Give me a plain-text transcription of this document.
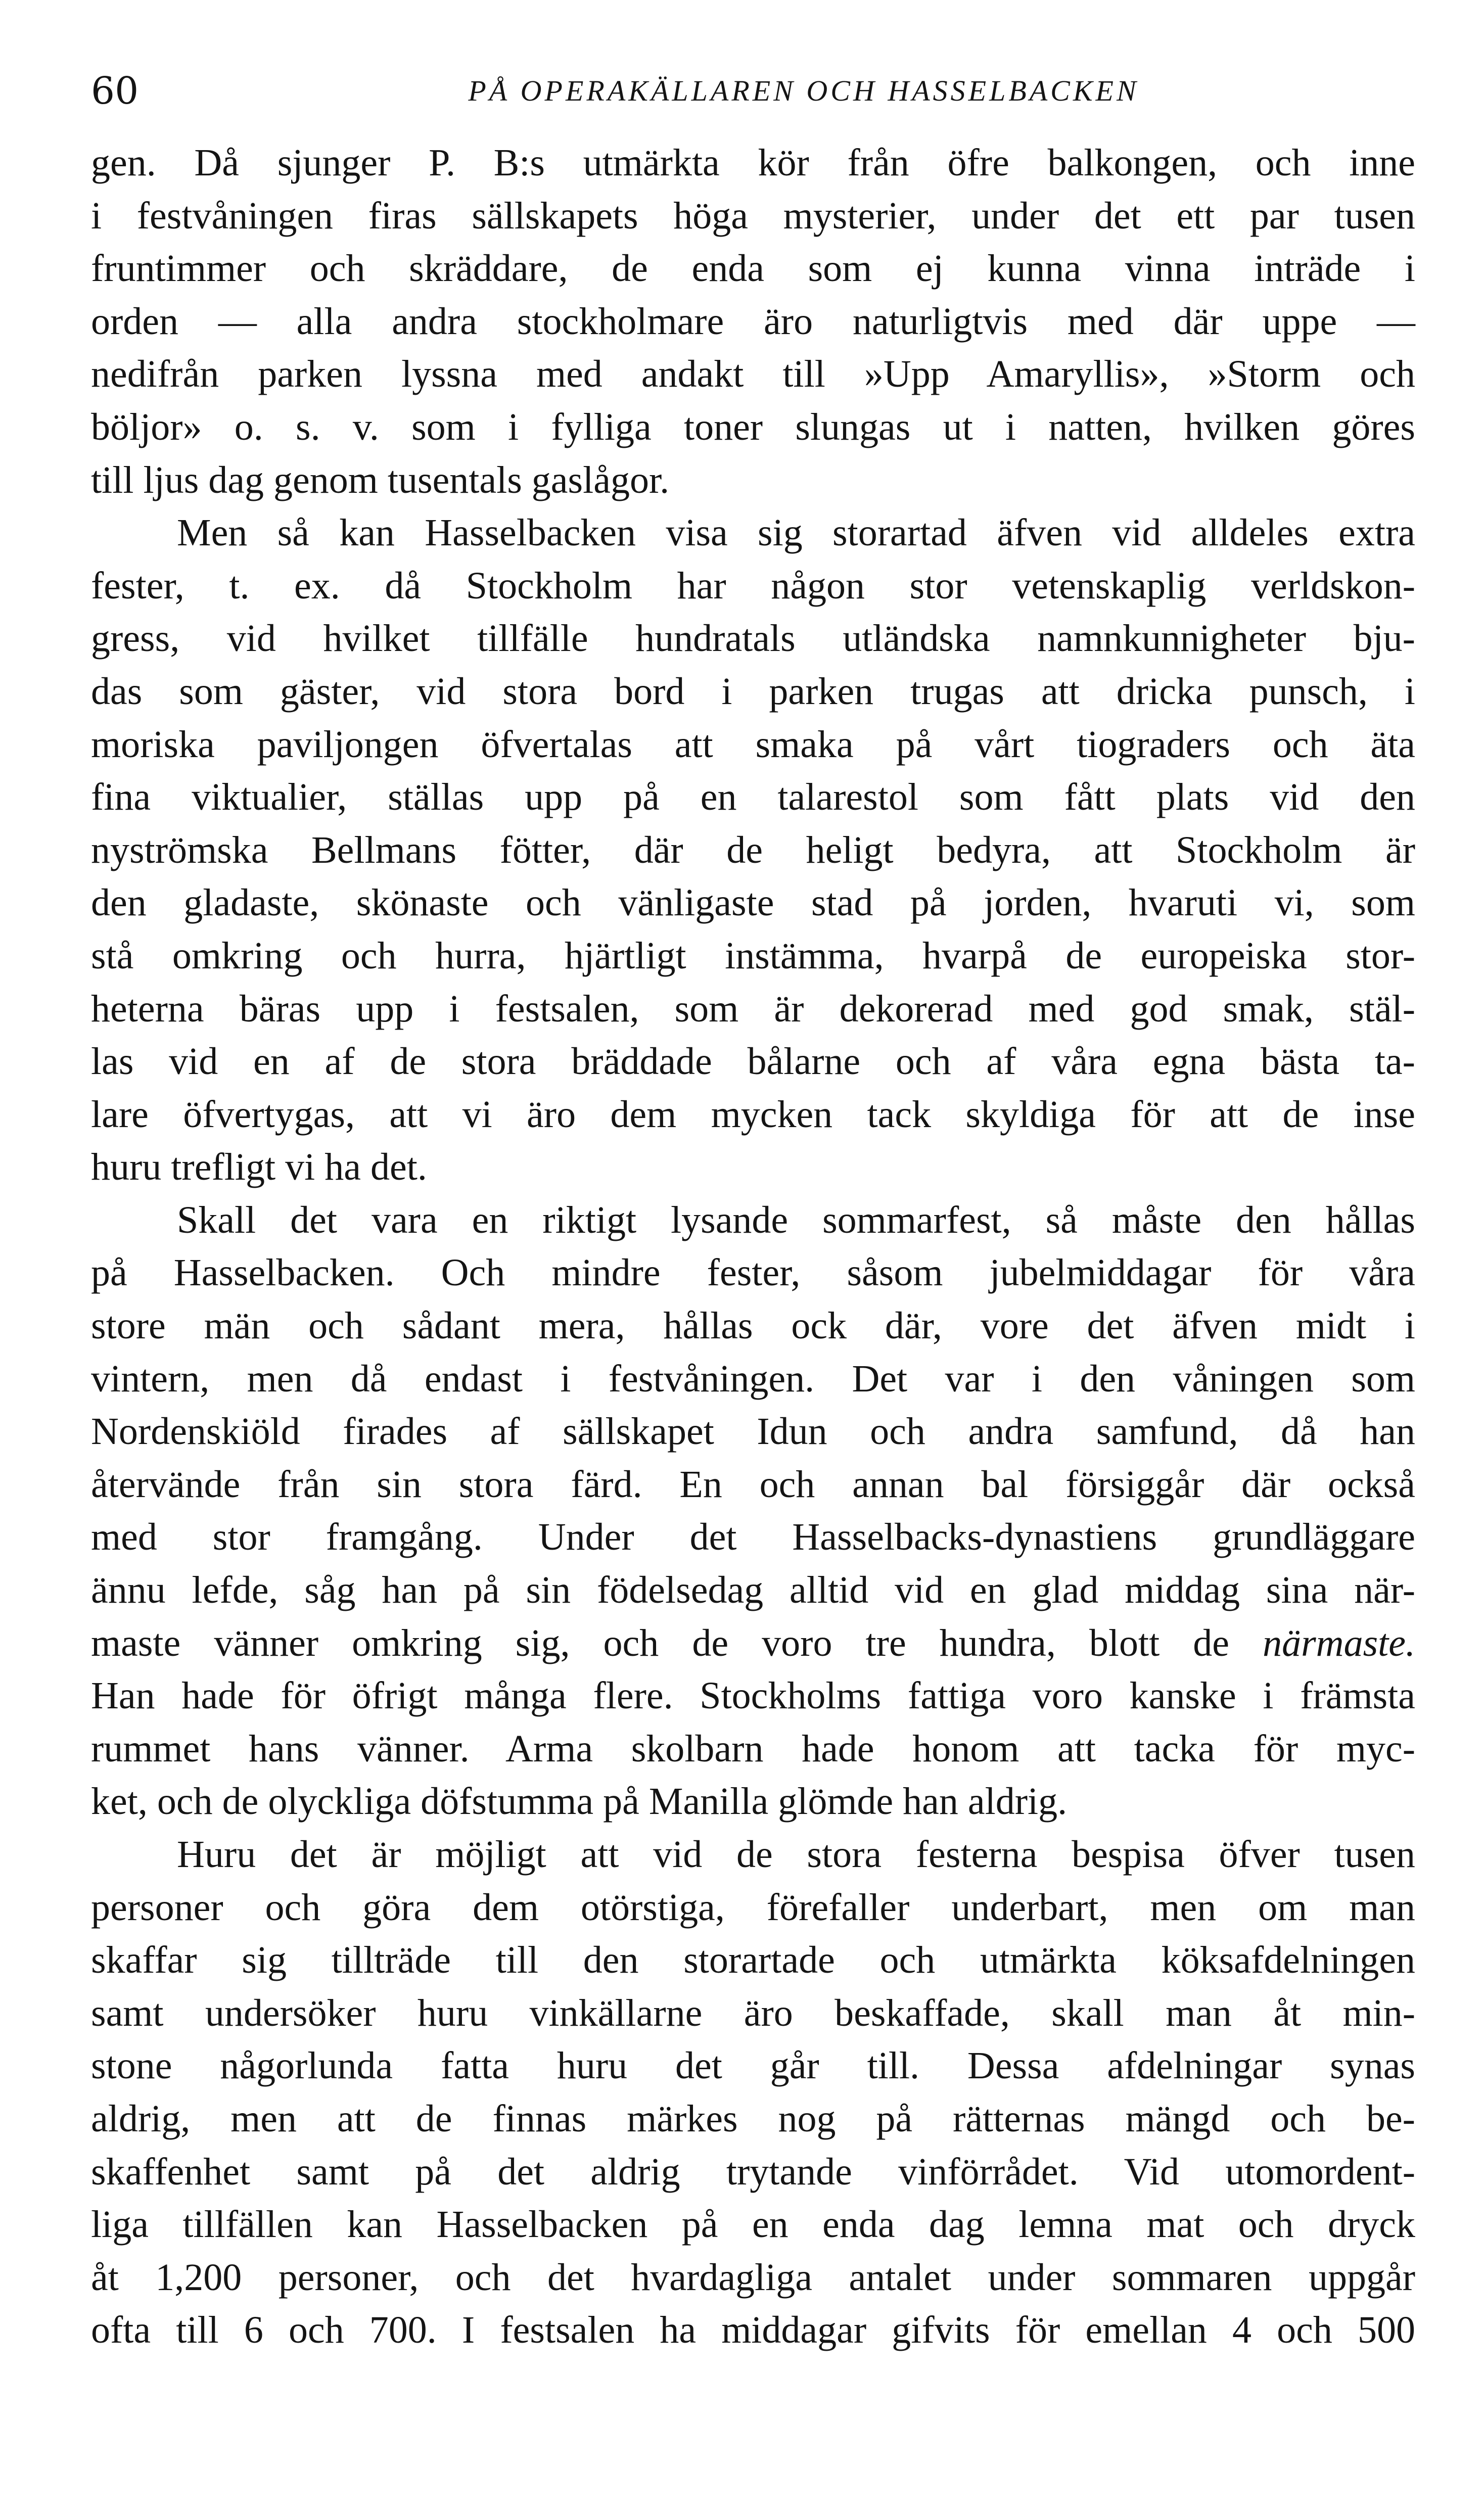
60	PÅ OPERAKÄLLAREN OCH HASSELBACKEN
gen. Då sjunger P. B:s utmärkta kör från öfre balkongen, och inne
i festvåningen firas sällskapets höga mysterier, under det ett par tusen
fruntimmer och skräddare, de enda som ej kunna vinna inträde i
orden — alla andra stockholmare äro naturligtvis med där uppe —
nedifrån parken lyssna med andakt till »Upp Amaryllis», »Storm och
böljor» o. s. v. som i fylliga toner slungas ut i natten, hvilken göres
till ljus dag genom tusentals gaslågor.
Men så kan Hasselbacken visa sig storartad äfven vid alldeles extra
fester, t. ex. då Stockholm har någon stor vetenskaplig verldskon-
gress, vid hvilket tillfälle hundratals utländska namnkunnigheter bju-
das som gäster, vid stora bord i parken trugas att dricka punsch, i
moriska paviljongen öfvertalas att smaka på vårt tiograders och äta
fina viktualier, ställas upp på en talarestol som fått plats vid den
nyströmska Bellmans fötter, där de heligt bedyra, att Stockholm är
den gladaste, skönaste och vänligaste stad på jorden, hvaruti vi, som
stå omkring och hurra, hjärtligt instämma, hvarpå de europeiska stor-
heterna bäras upp i festsalen, som är dekorerad med god smak, stäl-
las vid en af de stora bräddade bålarne och af våra egna bästa ta-
lare öfvertygas, att vi äro dem mycken tack skyldiga för att de inse
huru trefligt vi ha det.
Skall det vara en riktigt lysande sommarfest, så måste den hållas
på Hasselbacken. Och mindre fester, såsom jubelmiddagar för våra
store män och sådant mera, hållas ock där, vore det äfven midt i
vintern, men då endast i festvåningen. Det var i den våningen som
Nordenskiöld firades af sällskapet Idun och andra samfund, då han
återvände från sin stora färd. En och annan bal försiggår där också
med stor framgång. Under det Hasselbacks-dynastiens grundläggare
ännu lefde, såg han på sin födelsedag alltid vid en glad middag sina när-
maste vänner omkring sig, och de voro tre hundra, blott de närmaste.
Han hade för öfrigt många flere. Stockholms fattiga voro kanske i främsta
rummet hans vänner. Arma skolbarn hade honom att tacka för myc-
ket, och de olyckliga döfstumma på Manilla glömde han aldrig.
Huru det är möjligt att vid de stora festerna bespisa öfver tusen
personer och göra dem otörstiga, förefaller underbart, men om man
skaffar sig tillträde till den storartade och utmärkta köksafdelningen
samt undersöker huru vinkällarne äro beskaffade, skall man åt min-
stone någorlunda fatta huru det går till. Dessa afdelningar synas
aldrig, men att de finnas märkes nog på rätternas mängd och be-
skaffenhet samt på det aldrig trytande vinförrådet. Vid utomordent-
liga tillfällen kan Hasselbacken på en enda dag lemna mat och dryck
åt 1,200 personer, och det hvardagliga antalet under sommaren uppgår
ofta till 6 och 700. I festsalen ha middagar gifvits för emellan 4 och 500
